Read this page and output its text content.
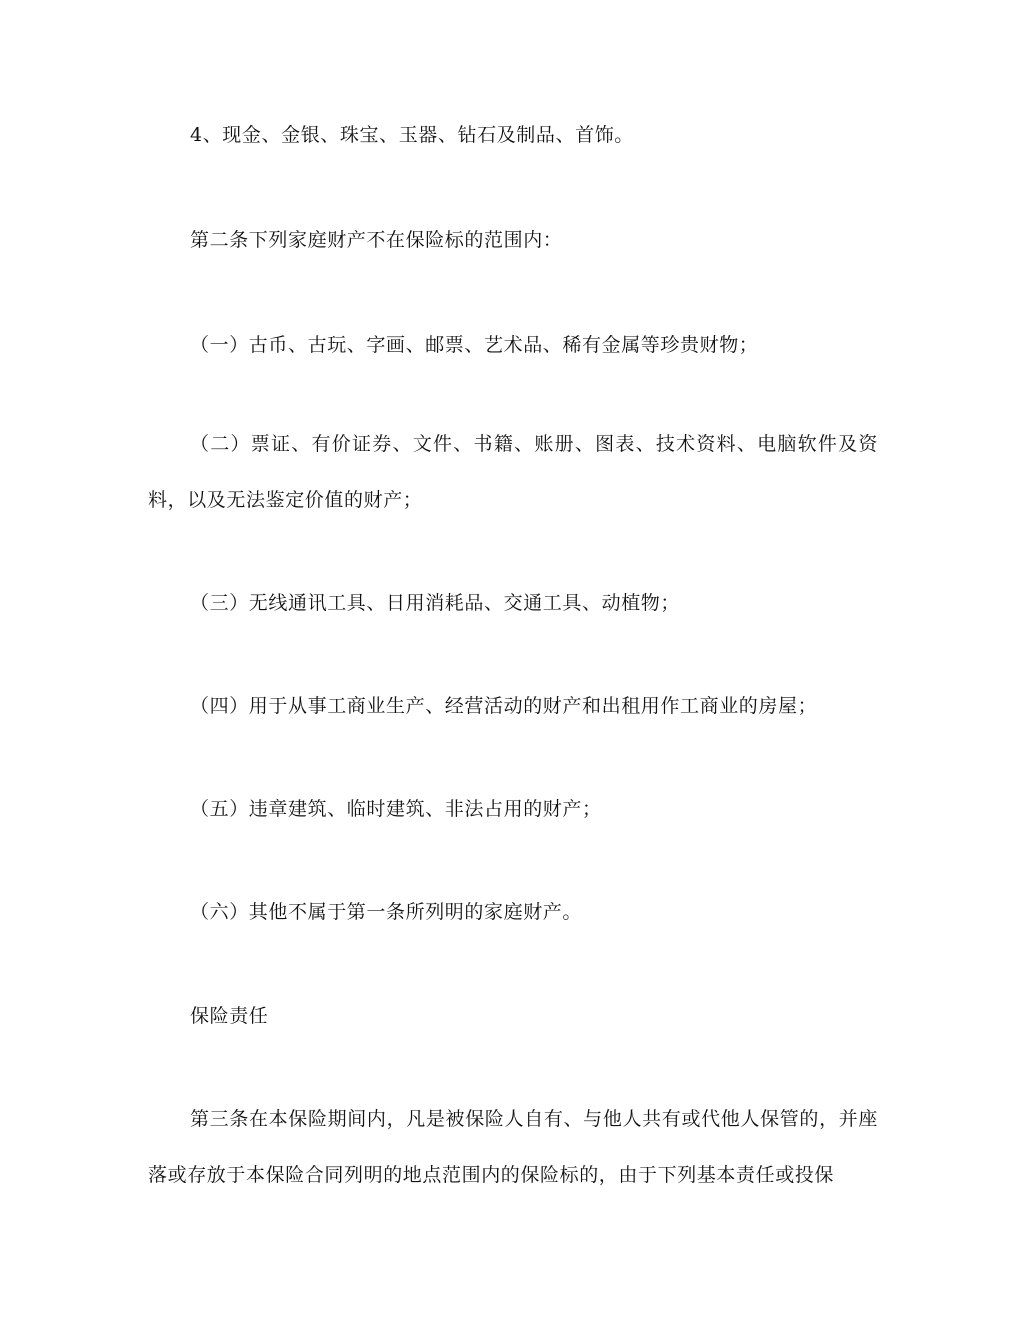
4、现金、金银、珠宝、玉器、钻石及制品、首饰。

第二条下列家庭财产不在保险标的范围内：

（一）古币、古玩、字画、邮票、艺术品、稀有金属等珍贵财物；

（二）票证、有价证券、文件、书籍、账册、图表、技术资料、电脑软件及资料，以及无法鉴定价值的财产；

（三）无线通讯工具、日用消耗品、交通工具、动植物；

（四）用于从事工商业生产、经营活动的财产和出租用作工商业的房屋；

（五）违章建筑、临时建筑、非法占用的财产；

（六）其他不属于第一条所列明的家庭财产。

保险责任

第三条在本保险期间内，凡是被保险人自有、与他人共有或代他人保管的，并座落或存放于本保险合同列明的地点范围内的保险标的，由于下列基本责任或投保
